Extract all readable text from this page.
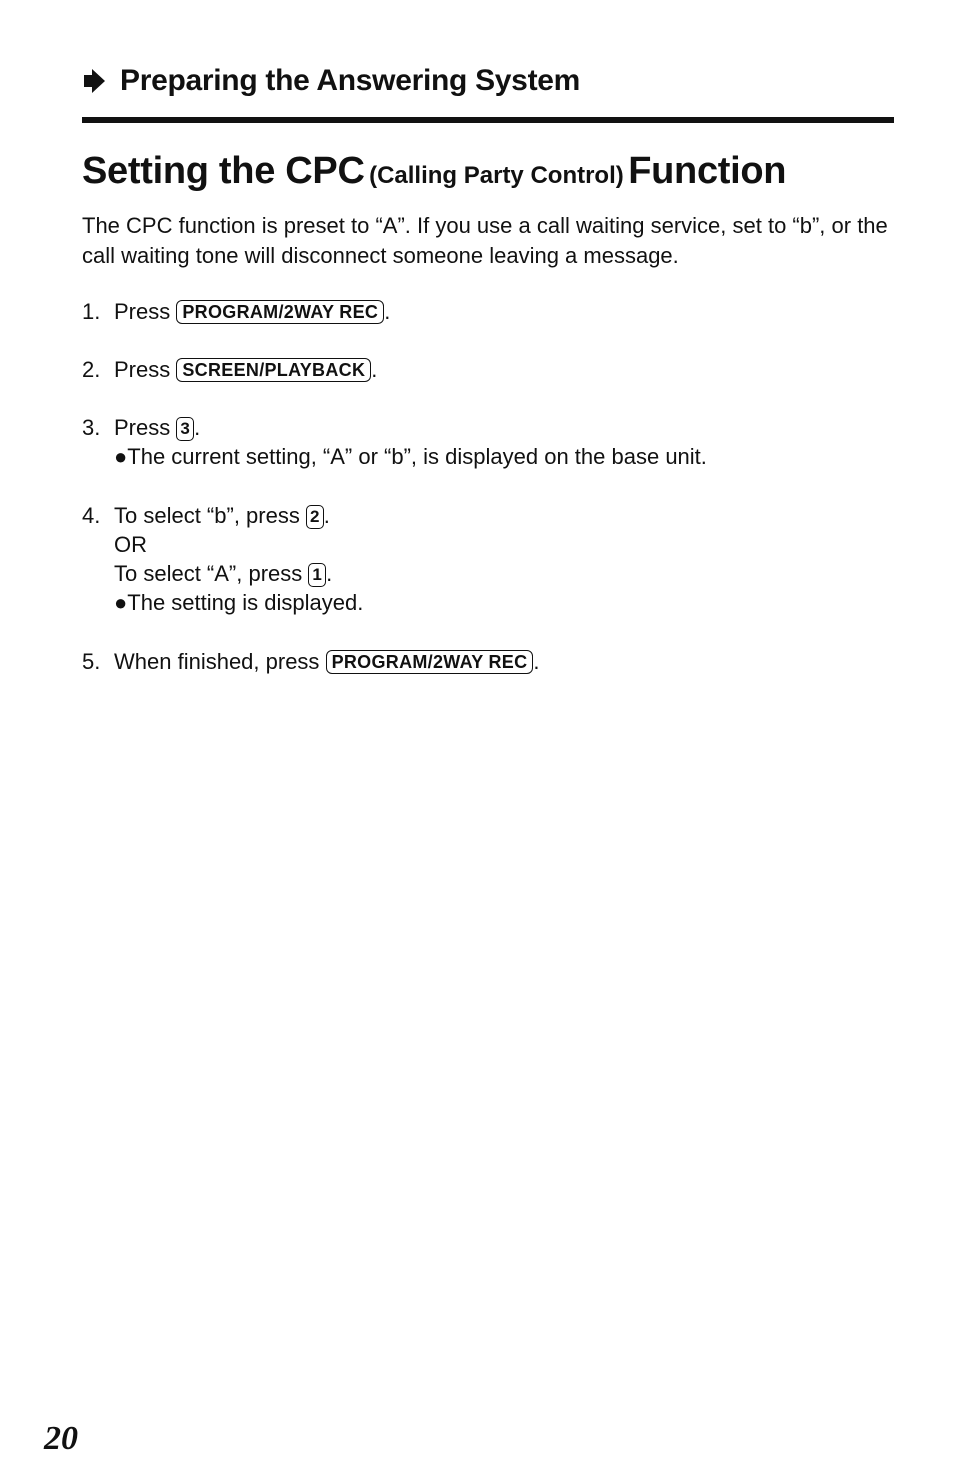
Preparing the Answering System
Setting the CPC (Calling Party Control) Function
The CPC function is preset to “A”. If you use a call waiting service, set to “b”, or the call waiting tone will disconnect someone leaving a message.
1. Press PROGRAM/2WAY REC .
2. Press SCREEN/PLAYBACK .
3. Press 3 .
●The current setting, “A” or “b”, is displayed on the base unit.
4. To select “b”, press 2 .
OR
To select “A”, press 1 .
●The setting is displayed.
5. When finished, press PROGRAM/2WAY REC .
20
